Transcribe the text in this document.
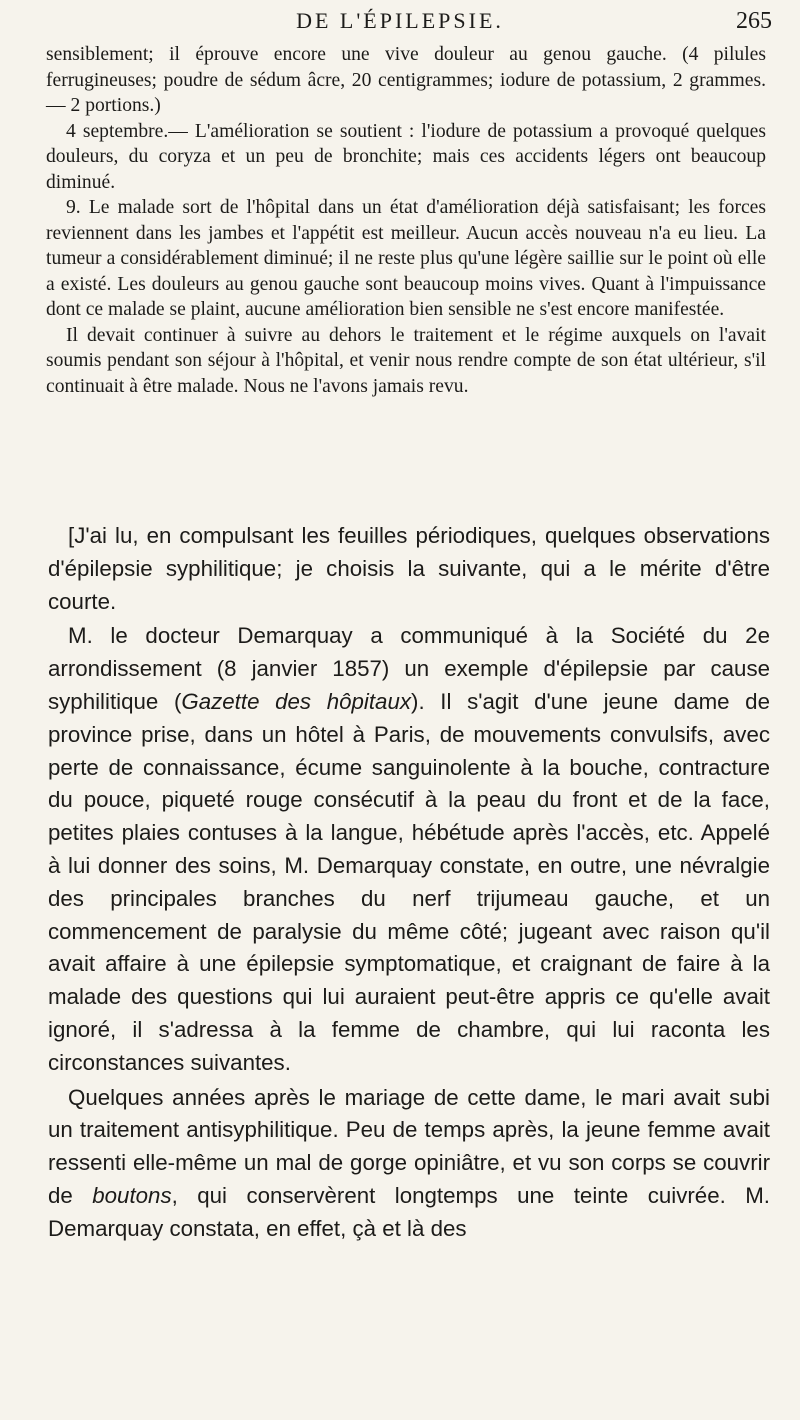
DE L'ÉPILEPSIE.	265

sensiblement; il éprouve encore une vive douleur au genou gauche. (4 pilules ferrugineuses; poudre de sédum âcre, 20 centigrammes; iodure de potassium, 2 grammes. — 2 portions.)

4 septembre.— L'amélioration se soutient : l'iodure de potassium a provoqué quelques douleurs, du coryza et un peu de bronchite; mais ces accidents légers ont beaucoup diminué.

9. Le malade sort de l'hôpital dans un état d'amélioration déjà satisfaisant; les forces reviennent dans les jambes et l'appétit est meilleur. Aucun accès nouveau n'a eu lieu. La tumeur a considérablement diminué; il ne reste plus qu'une légère saillie sur le point où elle a existé. Les douleurs au genou gauche sont beaucoup moins vives. Quant à l'impuissance dont ce malade se plaint, aucune amélioration bien sensible ne s'est encore manifestée.

Il devait continuer à suivre au dehors le traitement et le régime auxquels on l'avait soumis pendant son séjour à l'hôpital, et venir nous rendre compte de son état ultérieur, s'il continuait à être malade. Nous ne l'avons jamais revu.

[J'ai lu, en compulsant les feuilles périodiques, quelques observations d'épilepsie syphilitique; je choisis la suivante, qui a le mérite d'être courte.

M. le docteur Demarquay a communiqué à la Société du 2e arrondissement (8 janvier 1857) un exemple d'épilepsie par cause syphilitique (Gazette des hôpitaux). Il s'agit d'une jeune dame de province prise, dans un hôtel à Paris, de mouvements convulsifs, avec perte de connaissance, écume sanguinolente à la bouche, contracture du pouce, piqueté rouge consécutif à la peau du front et de la face, petites plaies contuses à la langue, hébétude après l'accès, etc. Appelé à lui donner des soins, M. Demarquay constate, en outre, une névralgie des principales branches du nerf trijumeau gauche, et un commencement de paralysie du même côté; jugeant avec raison qu'il avait affaire à une épilepsie symptomatique, et craignant de faire à la malade des questions qui lui auraient peut-être appris ce qu'elle avait ignoré, il s'adressa à la femme de chambre, qui lui raconta les circonstances suivantes.

Quelques années après le mariage de cette dame, le mari avait subi un traitement antisyphilitique. Peu de temps après, la jeune femme avait ressenti elle-même un mal de gorge opiniâtre, et vu son corps se couvrir de boutons, qui conservèrent longtemps une teinte cuivrée. M. Demarquay constata, en effet, çà et là des
